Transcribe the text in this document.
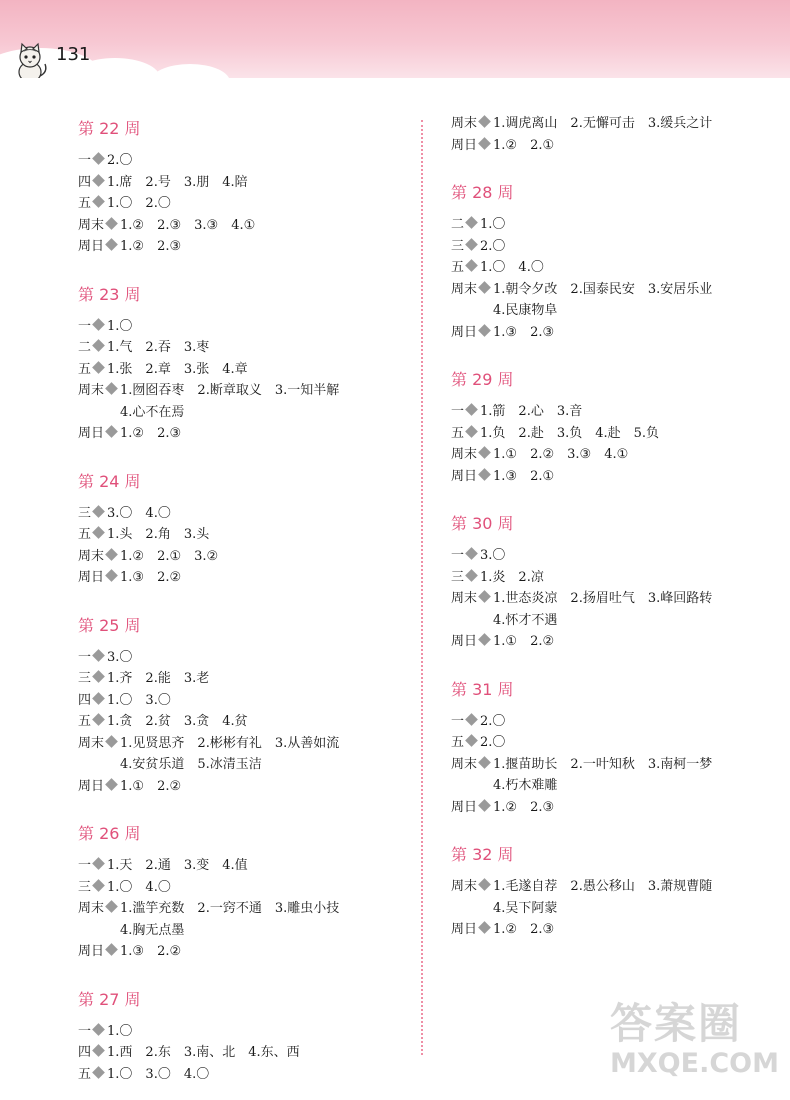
131
第 22 周
一 2.〇
四 1.席　2.号　3.朋　4.陪
五 1.〇　2.〇
周末 1.②　2.③　3.③　4.①
周日 1.②　2.③
第 23 周
一 1.〇
二 1.气　2.吞　3.枣
五 1.张　2.章　3.张　4.章
周末 1.囫囵吞枣　2.断章取义　3.一知半解
4.心不在焉
周日 1.②　2.③
第 24 周
三 3.〇　4.〇
五 1.头　2.角　3.头
周末 1.②　2.①　3.②
周日 1.③　2.②
第 25 周
一 3.〇
三 1.齐　2.能　3.老
四 1.〇　3.〇
五 1.贪　2.贫　3.贪　4.贫
周末 1.见贤思齐　2.彬彬有礼　3.从善如流
4.安贫乐道　5.冰清玉洁
周日 1.①　2.②
第 26 周
一 1.天　2.通　3.变　4.值
三 1.〇　4.〇
周末 1.滥竽充数　2.一窍不通　3.雕虫小技
4.胸无点墨
周日 1.③　2.②
第 27 周
一 1.〇
四 1.西　2.东　3.南、北　4.东、西
五 1.〇　3.〇　4.〇
周末 1.调虎离山　2.无懈可击　3.缓兵之计
周日 1.②　2.①
第 28 周
二 1.〇
三 2.〇
五 1.〇　4.〇
周末 1.朝令夕改　2.国泰民安　3.安居乐业
4.民康物阜
周日 1.③　2.③
第 29 周
一 1.箭　2.心　3.音
五 1.负　2.赴　3.负　4.赴　5.负
周末 1.①　2.②　3.③　4.①
周日 1.③　2.①
第 30 周
一 3.〇
三 1.炎　2.凉
周末 1.世态炎凉　2.扬眉吐气　3.峰回路转
4.怀才不遇
周日 1.①　2.②
第 31 周
一 2.〇
五 2.〇
周末 1.揠苗助长　2.一叶知秋　3.南柯一梦
4.朽木难雕
周日 1.②　2.③
第 32 周
周末 1.毛遂自荐　2.愚公移山　3.萧规曹随
4.吴下阿蒙
周日 1.②　2.③
答案圈
MXQE.COM
